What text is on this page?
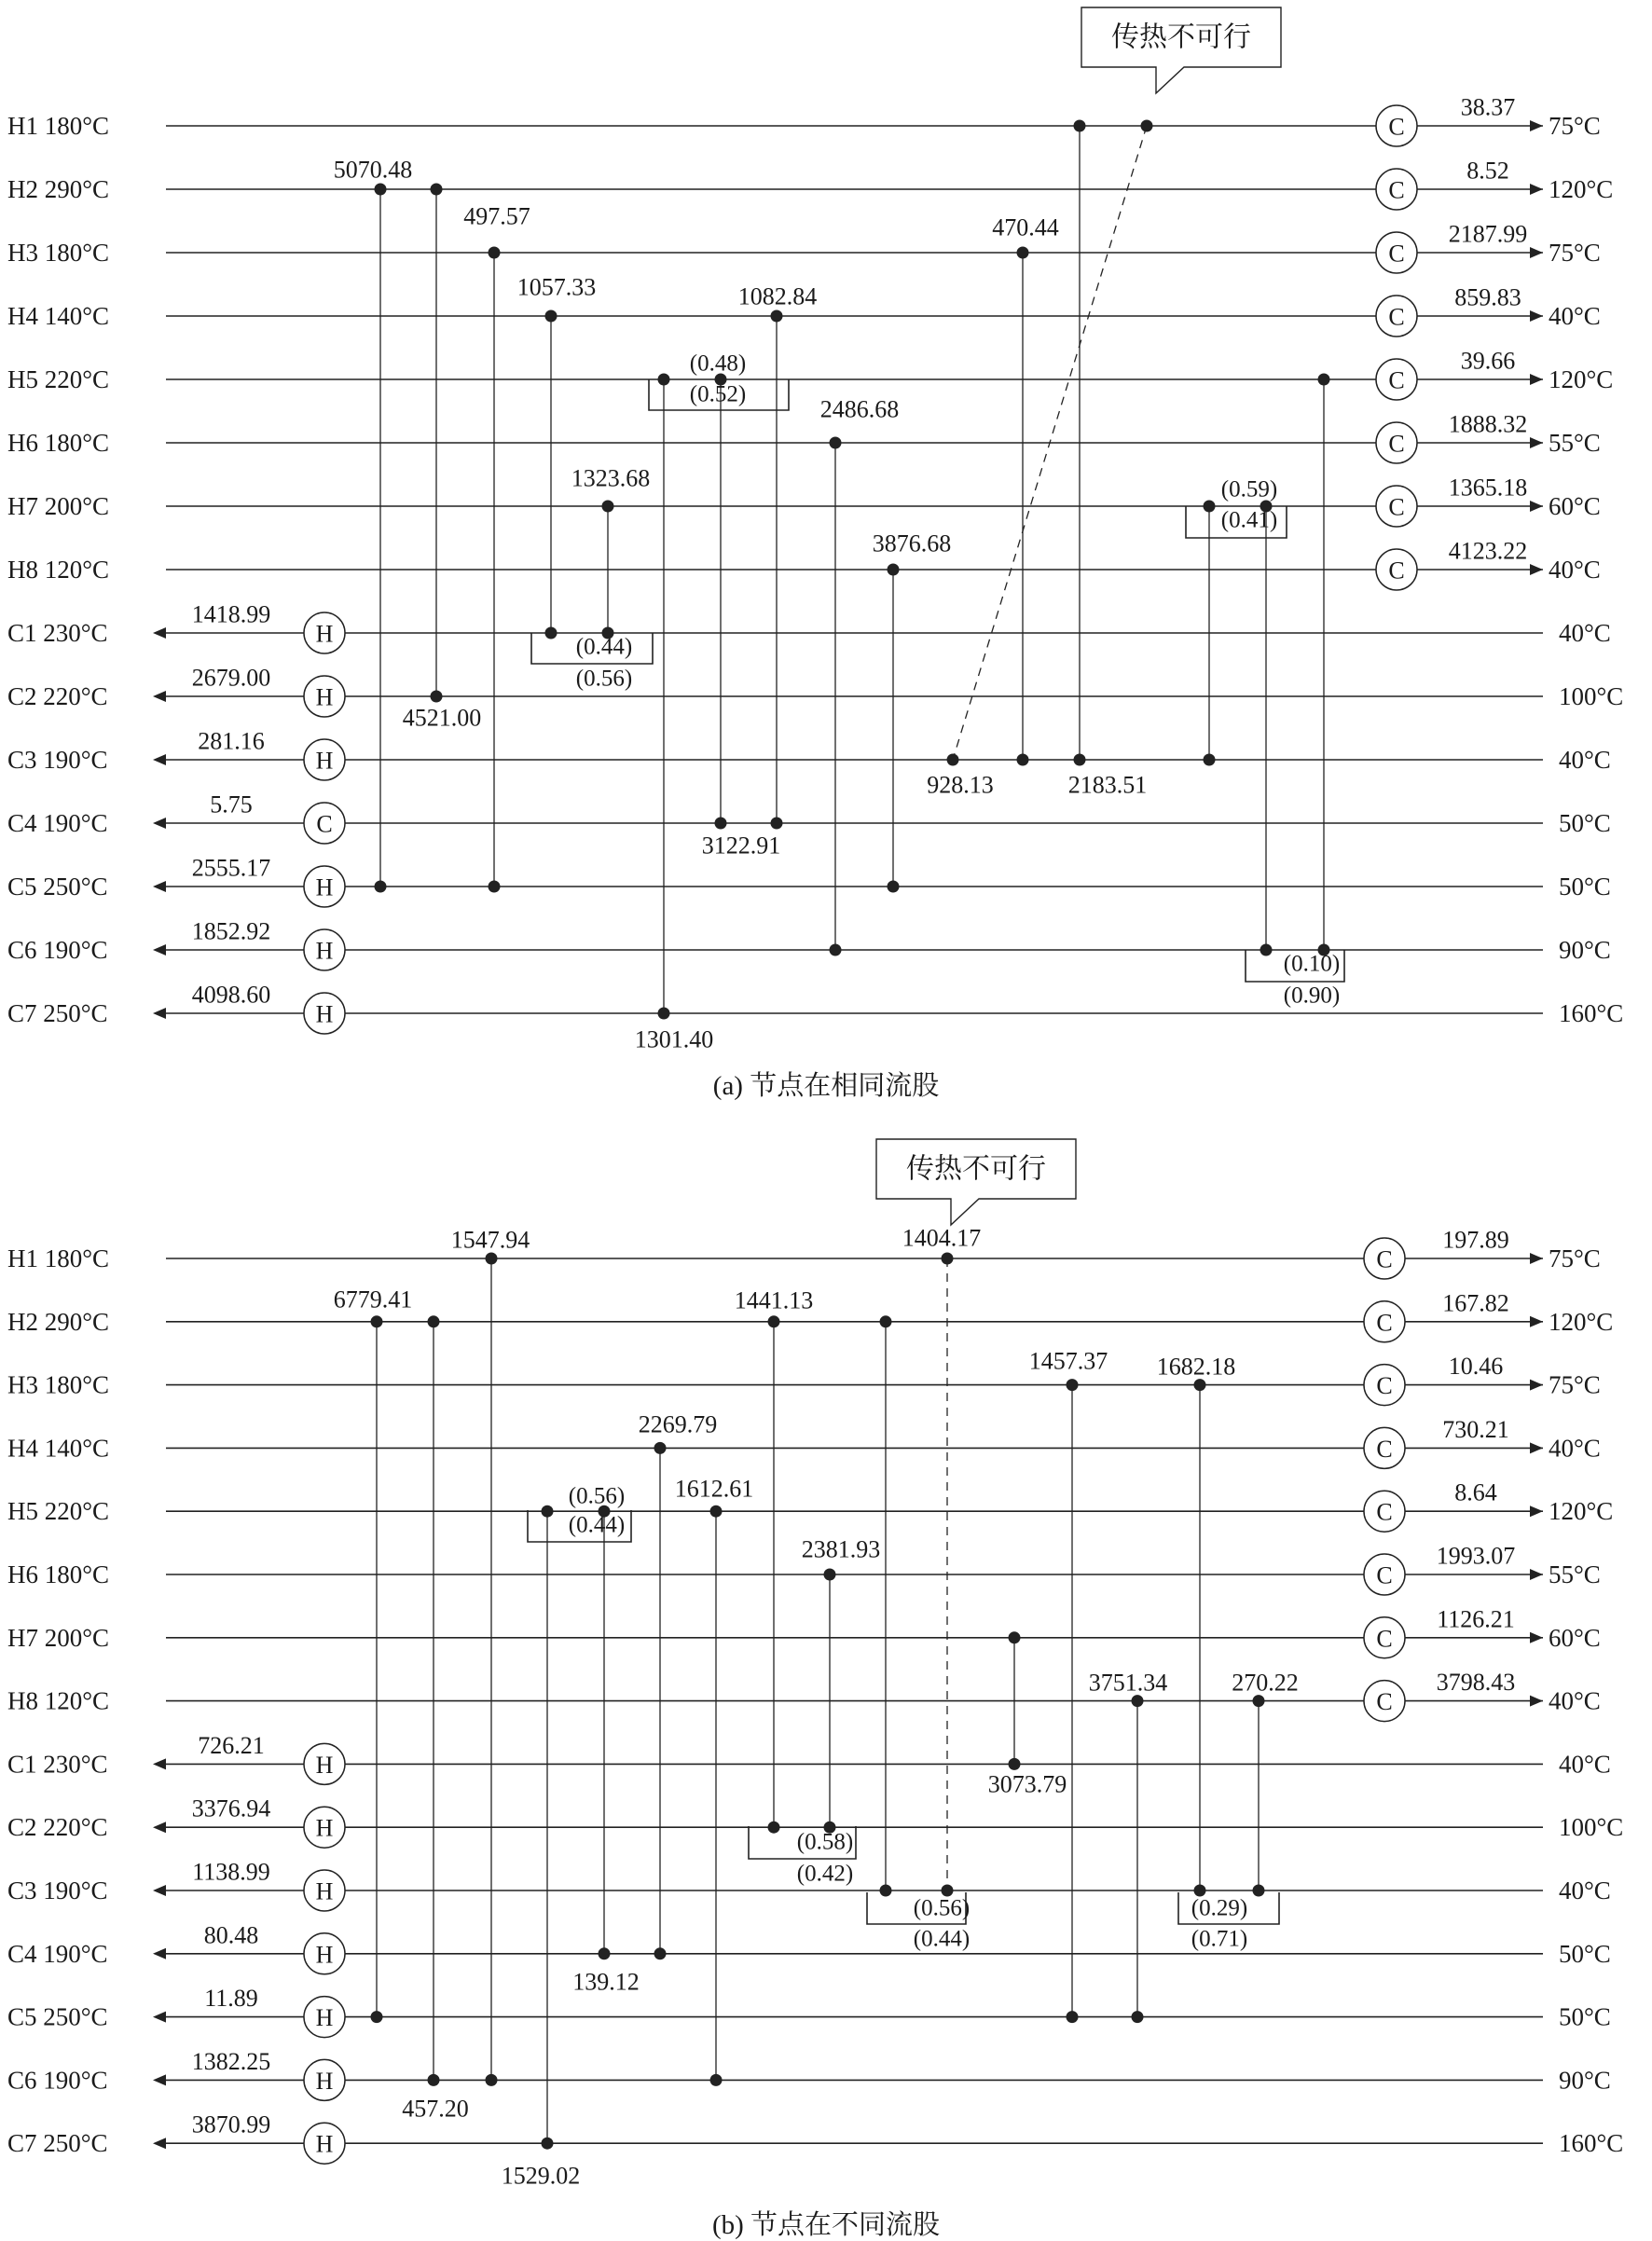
H1 180°C	75°C
H2 290°C	120°C
H3 180°C	75°C
H4 140°C	40°C
H5 220°C	120°C
H6 180°C	55°C
H7 200°C	60°C
H8 120°C	40°C
C1 230°C	40°C
C2 220°C	100°C
C3 190°C	40°C
C4 190°C	50°C
C5 250°C	50°C
C6 190°C	90°C
C7 250°C	160°C
C
38.37
C
8.52
C
2187.99
C
859.83
C
39.66
C
1888.32
C
1365.18
C
4123.22
H
1418.99
H
2679.00
H
281.16
C
5.75
H
2555.17
H
1852.92
H
4098.60
5070.48
497.57
1057.33	1082.84
2486.68
1323.68
3876.68
470.44
4521.00
3122.91
928.13	2183.51
1301.40
(0.48)
(0.52)
(0.44)
(0.56)
(0.59)
(0.41)
(0.10)
(0.90)
传热不可行
(a) 节点在相同流股
H1 180°C	75°C
H2 290°C	120°C
H3 180°C	75°C
H4 140°C	40°C
H5 220°C	120°C
H6 180°C	55°C
H7 200°C	60°C
H8 120°C	40°C
C1 230°C	40°C
C2 220°C	100°C
C3 190°C	40°C
C4 190°C	50°C
C5 250°C	50°C
C6 190°C	90°C
C7 250°C	160°C
C
197.89
C
167.82
C
10.46
C
730.21
C
8.64
C
1993.07
C
1126.21
C
3798.43
H
726.21
H
3376.94
H
1138.99
H
80.48
H
11.89
H
1382.25
H
3870.99
1547.94
6779.41
1404.17
1441.13
1457.37 1682.18
2269.79
1612.61
2381.93
3751.34	270.22
3073.79
139.12
457.20
1529.02
(0.56)
(0.44)
(0.58)
(0.42)
(0.56)
(0.44)
(0.29)
(0.71)
传热不可行
(b) 节点在不同流股
